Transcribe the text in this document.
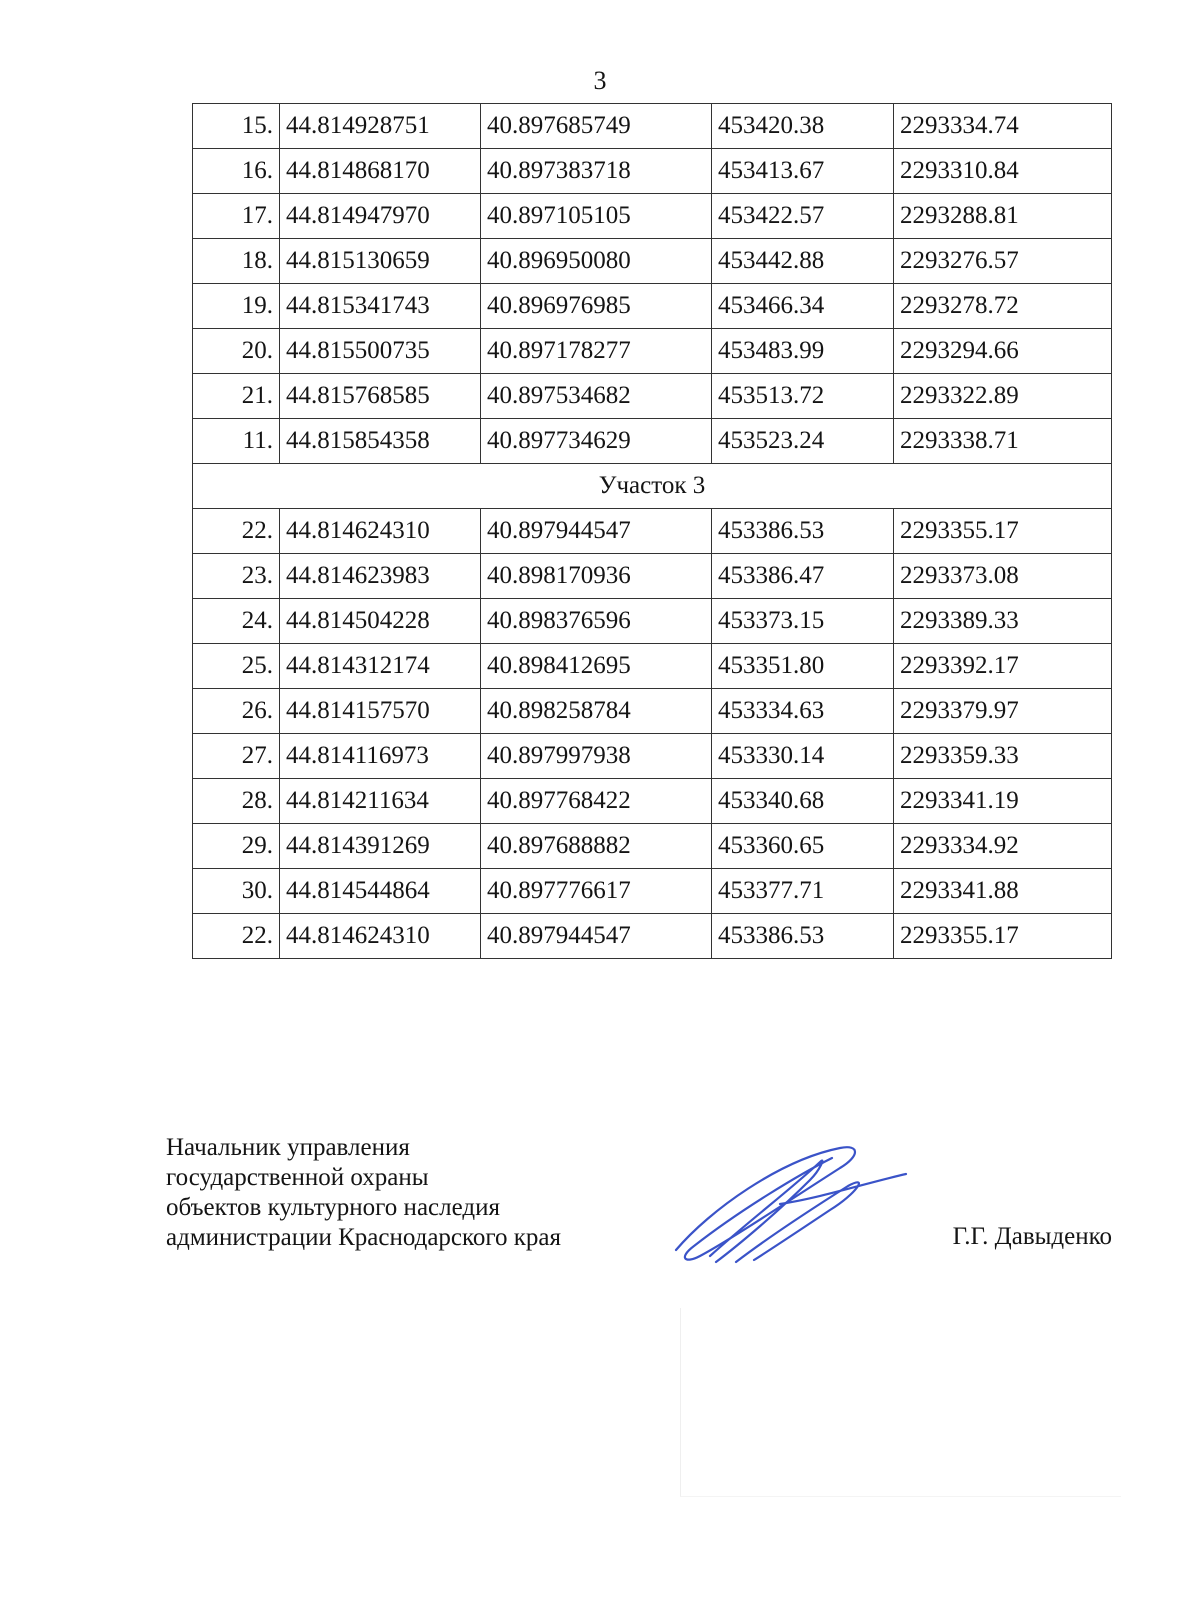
3
15.	44.814928751	40.897685749	453420.38	2293334.74
16.	44.814868170	40.897383718	453413.67	2293310.84
17.	44.814947970	40.897105105	453422.57	2293288.81
18.	44.815130659	40.896950080	453442.88	2293276.57
19.	44.815341743	40.896976985	453466.34	2293278.72
20.	44.815500735	40.897178277	453483.99	2293294.66
21.	44.815768585	40.897534682	453513.72	2293322.89
11.	44.815854358	40.897734629	453523.24	2293338.71
Участок 3				
22.	44.814624310	40.897944547	453386.53	2293355.17
23.	44.814623983	40.898170936	453386.47	2293373.08
24.	44.814504228	40.898376596	453373.15	2293389.33
25.	44.814312174	40.898412695	453351.80	2293392.17
26.	44.814157570	40.898258784	453334.63	2293379.97
27.	44.814116973	40.897997938	453330.14	2293359.33
28.	44.814211634	40.897768422	453340.68	2293341.19
29.	44.814391269	40.897688882	453360.65	2293334.92
30.	44.814544864	40.897776617	453377.71	2293341.88
22.	44.814624310	40.897944547	453386.53	2293355.17
Начальник управления
государственной охраны
объектов культурного наследия
администрации Краснодарского края	Г.Г. Давыденко
